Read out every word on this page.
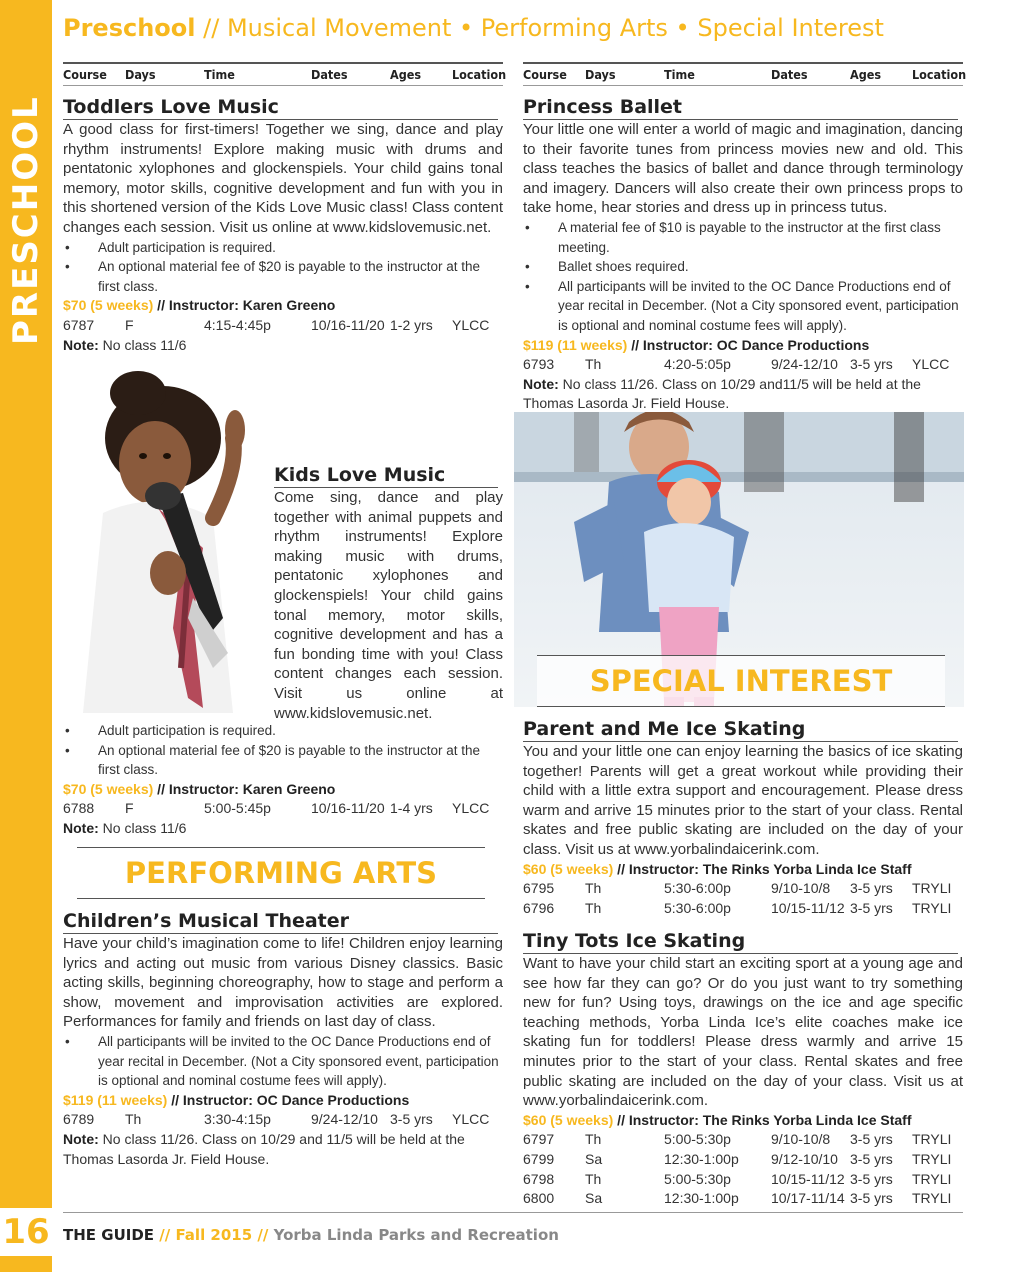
16
Preschool // Musical Movement • Performing Arts • Special Interest
Course	Days	Time	Dates	Ages	Location
Toddlers Love Music

A good class for first-timers! Together we sing, dance and play rhythm instruments! Explore making music with drums and pentatonic xylophones and glockenspiels. Your child gains tonal memory, motor skills, cognitive development and fun with you in this shortened version of the Kids Love Music class! Class content changes each session. Visit us online at www.kidslovemusic.net.

• Adult participation is required.
• An optional material fee of $20 is payable to the instructor at the first class.
$70 (5 weeks) // Instructor: Karen Greeno
6787	F	4:15-4:45p	10/16-11/20 1-2 yrs	YLCC
Note: No class 11/6
Kids Love Music

Come sing, dance and play together with animal puppets and rhythm instruments! Explore making music with drums, pentatonic xylophones and glockenspiels! Your child gains tonal memory, motor skills, cognitive development and has a fun bonding time with you! Class content changes each session. Visit us online at www.kidslovemusic.net.

• Adult participation is required.
• An optional material fee of $20 is payable to the instructor at the first class.
$70 (5 weeks) // Instructor: Karen Greeno
6788	F	5:00-5:45p	10/16-11/20 1-4 yrs	YLCC
Note: No class 11/6
PERFORMING ARTS
Children’s Musical Theater

Have your child’s imagination come to life! Children enjoy learning lyrics and acting out music from various Disney classics. Basic acting skills, beginning choreography, how to stage and perform a show, movement and improvisation activities are explored. Performances for family and friends on last day of class.

• All participants will be invited to the OC Dance Productions end of year recital in December. (Not a City sponsored event, participation is optional and nominal costume fees will apply).
$119 (11 weeks) // Instructor: OC Dance Productions
6789	Th	3:30-4:15p	9/24-12/10 3-5 yrs	YLCC
Note: No class 11/26. Class on 10/29 and 11/5 will be held at the Thomas Lasorda Jr. Field House.
Course	Days	Time	Dates	Ages	Location
Princess Ballet

Your little one will enter a world of magic and imagination, dancing to their favorite tunes from princess movies new and old. This class teaches the basics of ballet and dance through terminology and imagery. Dancers will also create their own princess props to take home, hear stories and dress up in princess tutus.

• A material fee of $10 is payable to the instructor at the first class meeting.
• Ballet shoes required.
• All participants will be invited to the OC Dance Productions end of year recital in December. (Not a City sponsored event, participation is optional and nominal costume fees will apply).
$119 (11 weeks) // Instructor: OC Dance Productions
6793	Th	4:20-5:05p	9/24-12/10 3-5 yrs	YLCC
Note: No class 11/26. Class on 10/29 and11/5 will be held at the Thomas Lasorda Jr. Field House.
SPECIAL INTEREST
Parent and Me Ice Skating

You and your little one can enjoy learning the basics of ice skating together! Parents will get a great workout while providing their child with a little extra support and encouragement. Please dress warm and arrive 15 minutes prior to the start of your class. Rental skates and free public skating are included on the day of your class. Visit us at www.yorbalindaicerink.com.

$60 (5 weeks) // Instructor: The Rinks Yorba Linda Ice Staff
6795	Th	5:30-6:00p	9/10-10/8	3-5 yrs	TRYLI
6796	Th	5:30-6:00p	10/15-11/12 3-5 yrs	TRYLI
Tiny Tots Ice Skating

Want to have your child start an exciting sport at a young age and see how far they can go? Or do you just want to try something new for fun? Using toys, drawings on the ice and age specific teaching methods, Yorba Linda Ice’s elite coaches make ice skating fun for toddlers! Please dress warmly and arrive 15 minutes prior to the start of your class. Rental skates and free public skating are included on the day of your class. Visit us at www.yorbalindaicerink.com.

$60 (5 weeks) // Instructor: The Rinks Yorba Linda Ice Staff
6797	Th	5:00-5:30p	9/10-10/8	3-5 yrs	TRYLI
6799	Sa	12:30-1:00p	9/12-10/10 3-5 yrs	TRYLI
6798	Th	5:00-5:30p	10/15-11/12 3-5 yrs	TRYLI
6800	Sa	12:30-1:00p	10/17-11/14 3-5 yrs	TRYLI
THE GUIDE // Fall 2015 // Yorba Linda Parks and Recreation
